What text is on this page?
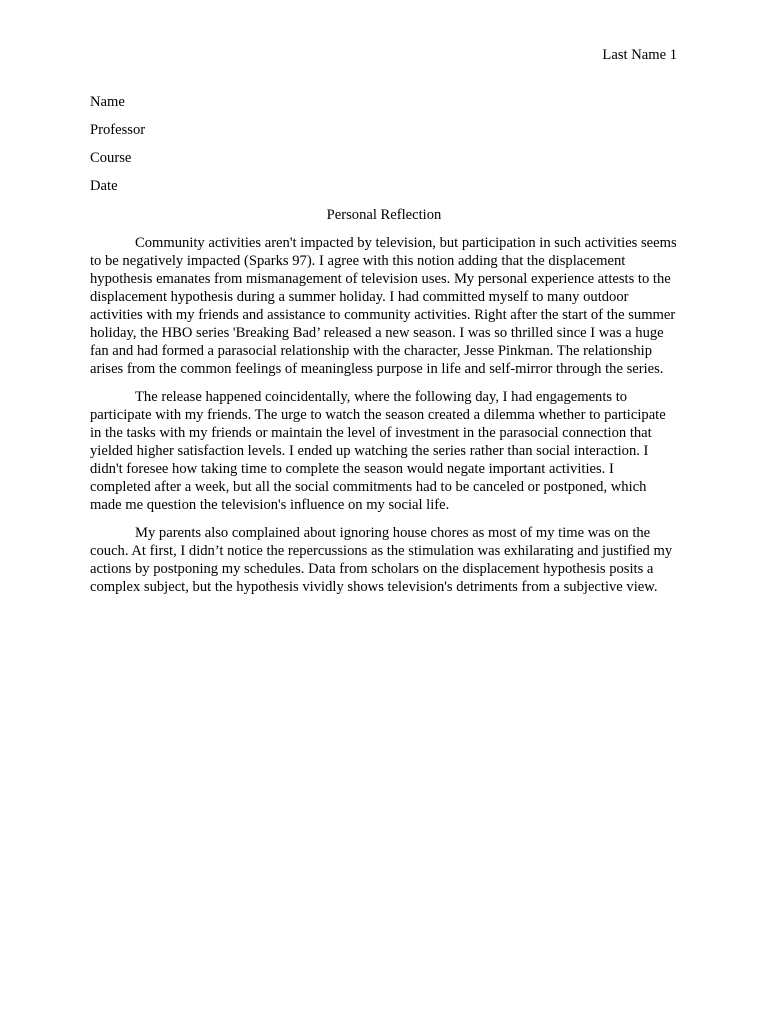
Last Name 1
Name
Professor
Course
Date
Personal Reflection

Community activities aren't impacted by television, but participation in such activities seems to be negatively impacted (Sparks 97). I agree with this notion adding that the displacement hypothesis emanates from mismanagement of television uses. My personal experience attests to the displacement hypothesis during a summer holiday. I had committed myself to many outdoor activities with my friends and assistance to community activities. Right after the start of the summer holiday, the HBO series 'Breaking Bad’ released a new season. I was so thrilled since I was a huge fan and had formed a parasocial relationship with the character, Jesse Pinkman. The relationship arises from the common feelings of meaningless purpose in life and self-mirror through the series.

The release happened coincidentally, where the following day, I had engagements to participate with my friends. The urge to watch the season created a dilemma whether to participate in the tasks with my friends or maintain the level of investment in the parasocial connection that yielded higher satisfaction levels. I ended up watching the series rather than social interaction. I didn't foresee how taking time to complete the season would negate important activities. I completed after a week, but all the social commitments had to be canceled or postponed, which made me question the television's influence on my social life.

My parents also complained about ignoring house chores as most of my time was on the couch. At first, I didn’t notice the repercussions as the stimulation was exhilarating and justified my actions by postponing my schedules. Data from scholars on the displacement hypothesis posits a complex subject, but the hypothesis vividly shows television's detriments from a subjective view.
